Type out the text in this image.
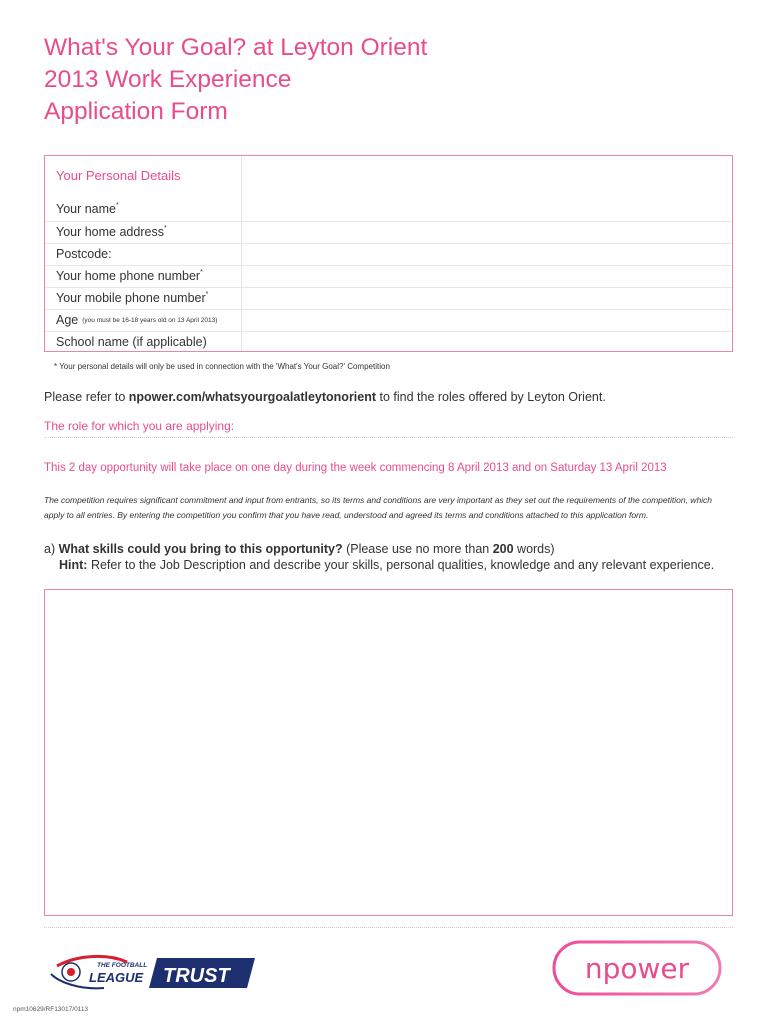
What's Your Goal? at Leyton Orient
2013 Work Experience
Application Form
Your Personal Details
Your name*
Your home address*
Postcode:
Your home phone number*
Your mobile phone number*
Age (you must be 16-18 years old on 13 April 2013)
School name (if applicable)
* Your personal details will only be used in connection with the 'What's Your Goal?' Competition
Please refer to npower.com/whatsyourgoalatleytonorient to find the roles offered by Leyton Orient.
The role for which you are applying:
This 2 day opportunity will take place on one day during the week commencing 8 April 2013 and on Saturday 13 April 2013
The competition requires significant commitment and input from entrants, so its terms and conditions are very important as they set out the requirements of the competition, which apply to all entries. By entering the competition you confirm that you have read, understood and agreed its terms and conditions attached to this application form.
a) What skills could you bring to this opportunity? (Please use no more than 200 words)
Hint: Refer to the Job Description and describe your skills, personal qualities, knowledge and any relevant experience.
THE FOOTBALL
LEAGUE TRUST	npower
npm10629/RF13017/0113
